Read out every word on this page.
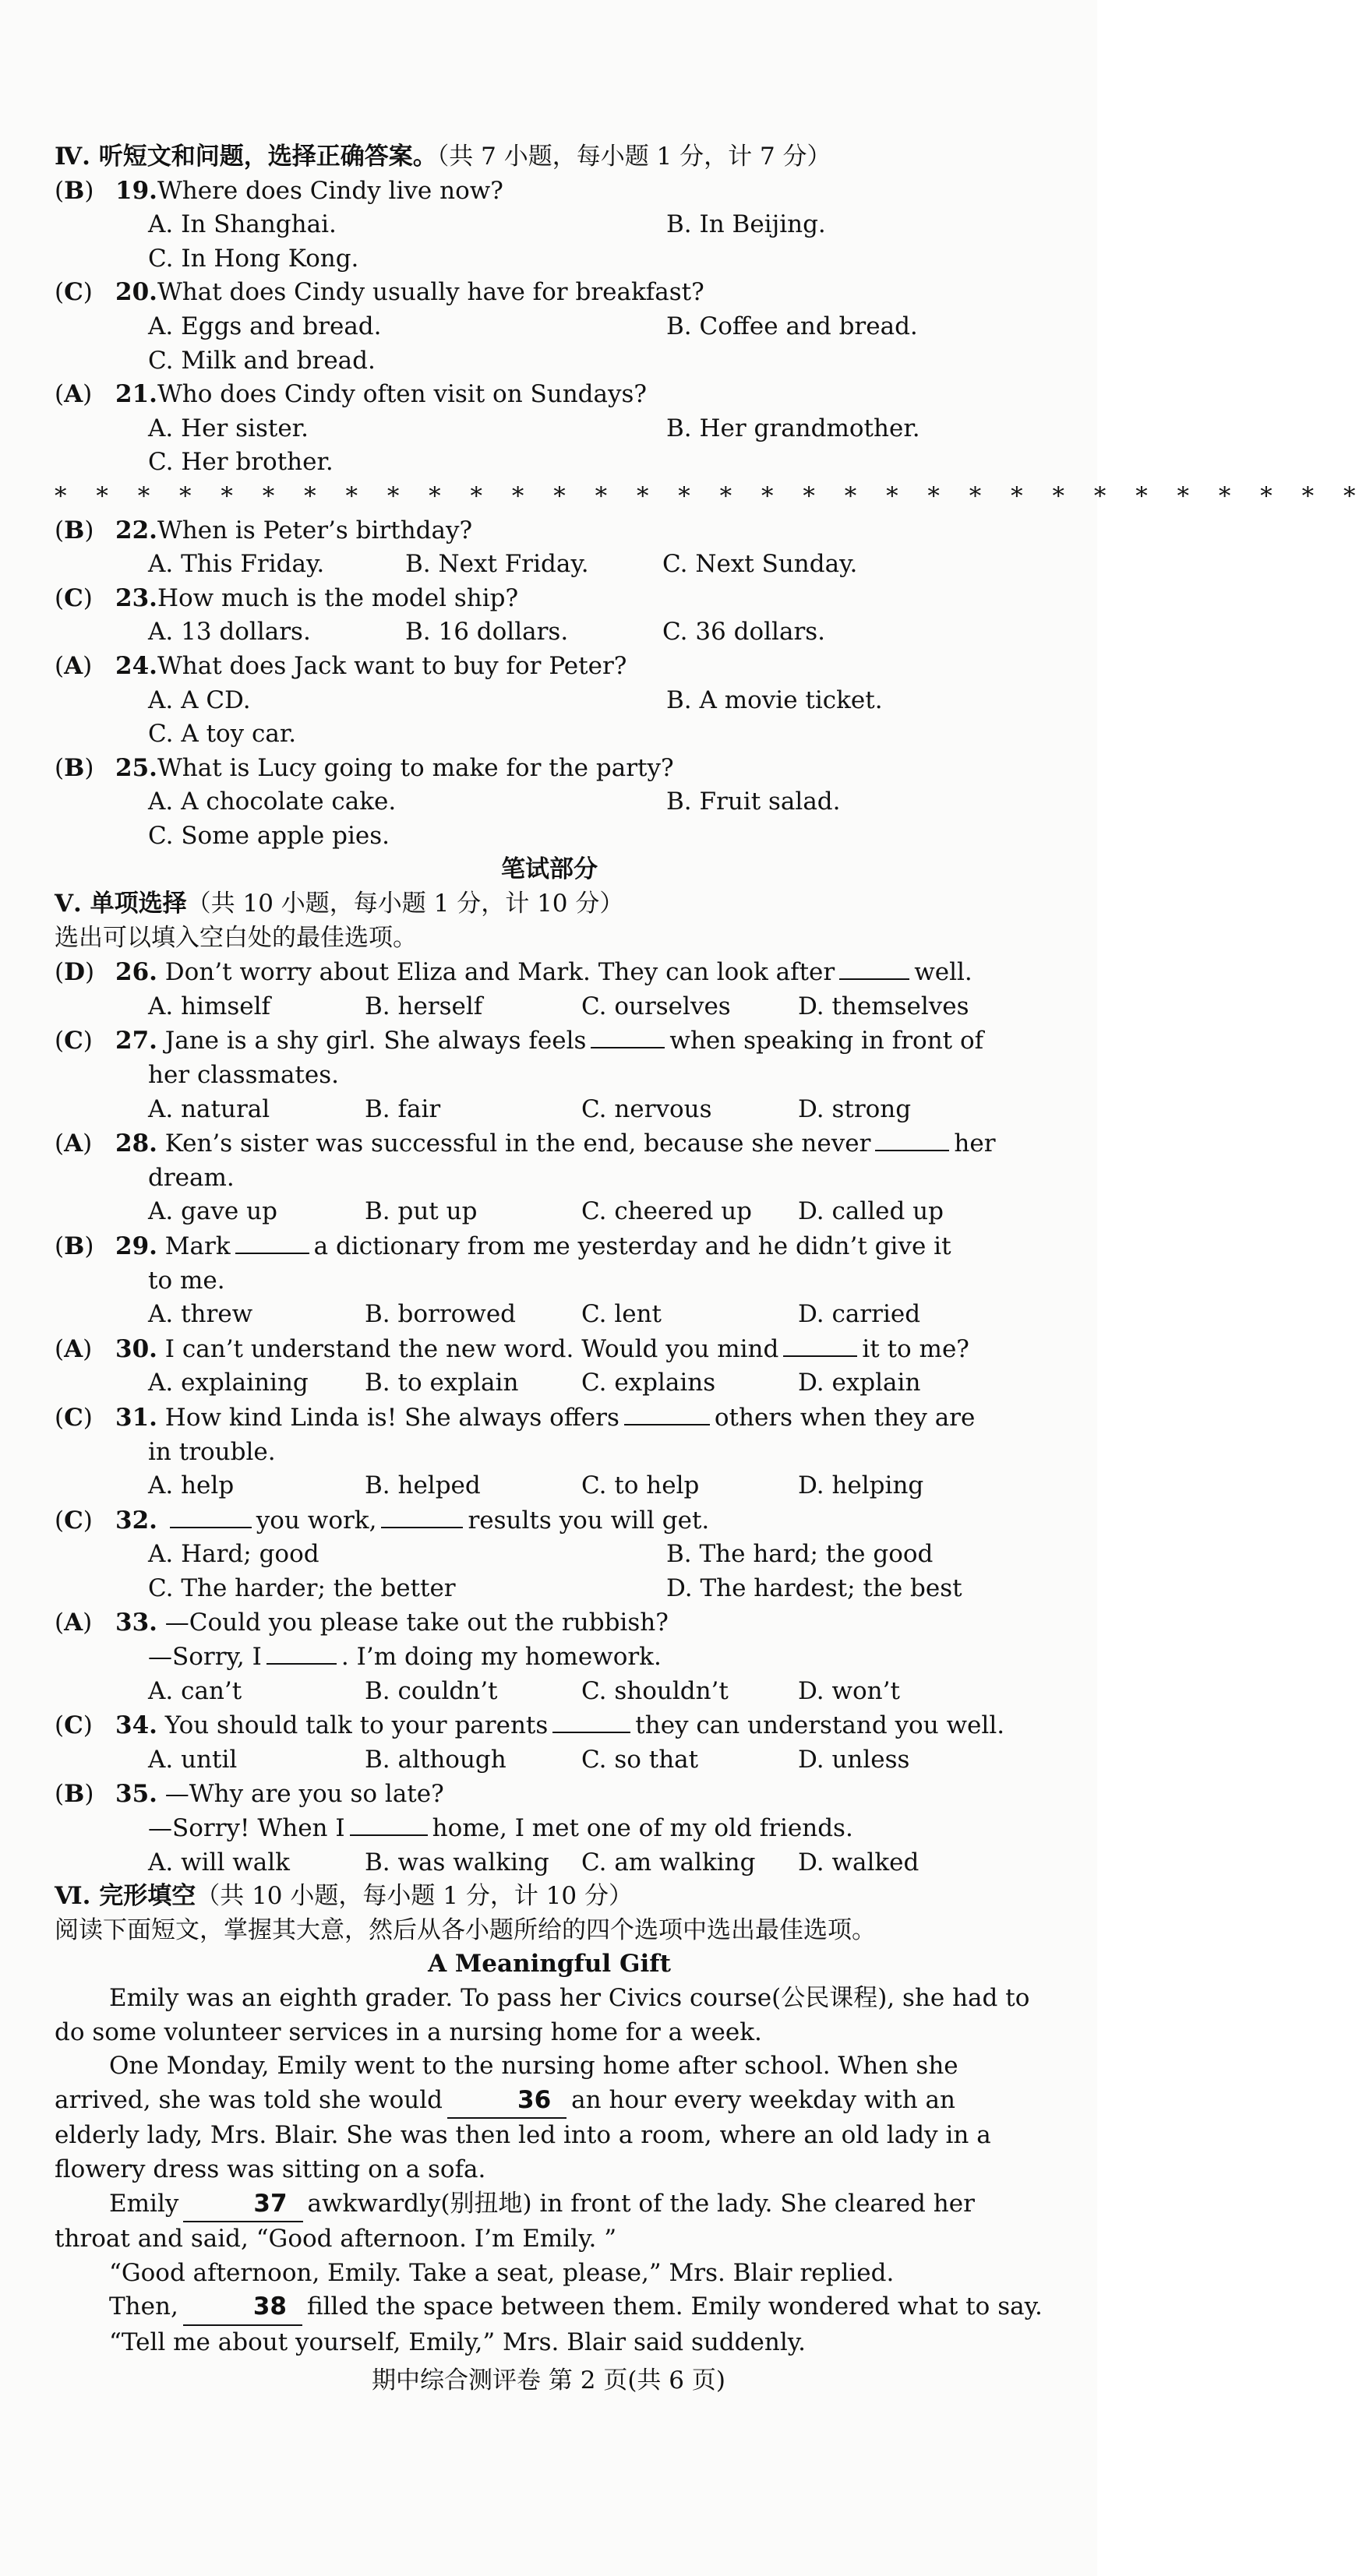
Ⅳ. 听短文和问题，选择正确答案。（共 7 小题，每小题 1 分，计 7 分）
(B) 19.Where does Cindy live now?
A. In Shanghai.	B. In Beijing.
C. In Hong Kong.
(C) 20.What does Cindy usually have for breakfast?
A. Eggs and bread.	B. Coffee and bread.
C. Milk and bread.
(A) 21.Who does Cindy often visit on Sundays?
A. Her sister.	B. Her grandmother.
C. Her brother.
* * * * * * * * * * * * * * * * * * * * * * * * * * * * * * * *
(B) 22.When is Peter’s birthday?
A. This Friday.	B. Next Friday.	C. Next Sunday.
(C) 23.How much is the model ship?
A. 13 dollars.	B. 16 dollars.	C. 36 dollars.
(A) 24.What does Jack want to buy for Peter?
A. A CD.	B. A movie ticket.
C. A toy car.
(B) 25.What is Lucy going to make for the party?
A. A chocolate cake.	B. Fruit salad.
C. Some apple pies.
笔试部分
Ⅴ. 单项选择（共 10 小题，每小题 1 分，计 10 分）
选出可以填入空白处的最佳选项。
(D) 26. Don’t worry about Eliza and Mark. They can look after	well.
A. himself	B. herself	C. ourselves	D. themselves
(C) 27. Jane is a shy girl. She always feels	when speaking in front of
her classmates.
A. natural	B. fair	C. nervous	D. strong
(A) 28. Ken’s sister was successful in the end, because she never	her
dream.
A. gave up	B. put up	C. cheered up	D. called up
(B) 29. Mark	a dictionary from me yesterday and he didn’t give it
to me.
A. threw	B. borrowed	C. lent	D. carried
(A) 30. I can’t understand the new word. Would you mind	it to me?
A. explaining	B. to explain	C. explains	D. explain
(C) 31. How kind Linda is! She always offers	others when they are
in trouble.
A. help	B. helped	C. to help	D. helping
(C) 32.	you work,	results you will get.
A. Hard; good	B. The hard; the good
C. The harder; the better	D. The hardest; the best
(A) 33. —Could you please take out the rubbish?
—Sorry, I	. I’m doing my homework.
A. can’t	B. couldn’t	C. shouldn’t	D. won’t
(C) 34. You should talk to your parents	they can understand you well.
A. until	B. although	C. so that	D. unless
(B) 35. —Why are you so late?
—Sorry! When I	home, I met one of my old friends.
A. will walk	B. was walking	C. am walking	D. walked
Ⅵ. 完形填空（共 10 小题，每小题 1 分，计 10 分）
阅读下面短文，掌握其大意，然后从各小题所给的四个选项中选出最佳选项。
A Meaningful Gift
Emily was an eighth grader. To pass her Civics course(公民课程), she had to do some volunteer services in a nursing home for a week.
One Monday, Emily went to the nursing home after school. When she arrived, she was told she would	36 an hour every weekday with an elderly lady, Mrs. Blair. She was then led into a room, where an old lady in a flowery dress was sitting on a sofa.
Emily	37 awkwardly(别扭地) in front of the lady. She cleared her throat and said, “Good afternoon. I’m Emily. ”
“Good afternoon, Emily. Take a seat, please,” Mrs. Blair replied.
Then,	38 filled the space between them. Emily wondered what to say.
“Tell me about yourself, Emily,” Mrs. Blair said suddenly.
期中综合测评卷 第 2 页(共 6 页)
